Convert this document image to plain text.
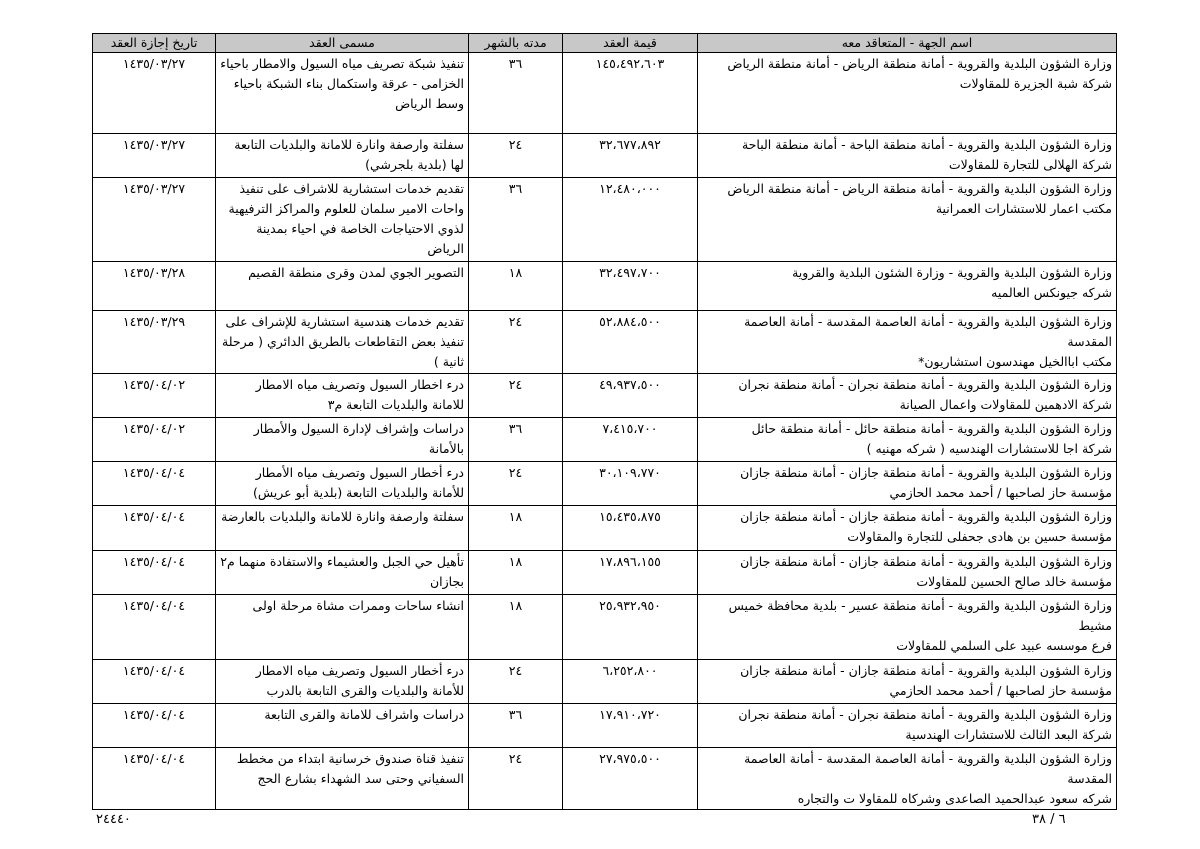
اسم الجهة - المتعاقد معه	قيمة العقد	مدته بالشهر	مسمى العقد	تاريخ إجازة العقد

وزارة الشؤون البلدية والقروية - أمانة منطقة الرياض - أمانة منطقة الرياض
شركة شبة الجزيرة للمقاولات	١٤٥،٤٩٢،٦٠٣	٣٦	تنفيذ شبكة تصريف مياه السيول والامطار باحياء الخزامى - عرقة واستكمال بناء الشبكة باحياء وسط الرياض	١٤٣٥/٠٣/٢٧

وزارة الشؤون البلدية والقروية - أمانة منطقة الباحة - أمانة منطقة الباحة
شركة الهلالى للتجارة للمقاولات	٣٢،٦٧٧،٨٩٢	٢٤	سفلتة وارصفة وانارة للامانة والبلديات التابعة لها (بلدية بلجرشي)	١٤٣٥/٠٣/٢٧

وزارة الشؤون البلدية والقروية - أمانة منطقة الرياض - أمانة منطقة الرياض
مكتب اعمار للاستشارات العمرانية	١٢،٤٨٠،٠٠٠	٣٦	تقديم خدمات استشارية للاشراف على تنفيذ واحات الامير سلمان للعلوم والمراكز الترفيهية لذوي الاحتياجات الخاصة في احياء بمدينة الرياض	١٤٣٥/٠٣/٢٧

وزارة الشؤون البلدية والقروية - وزارة الشئون البلدية والقروية
شركه جيونكس العالميه	٣٢،٤٩٧،٧٠٠	١٨	التصوير الجوي لمدن وقرى منطقة القصيم	١٤٣٥/٠٣/٢٨

وزارة الشؤون البلدية والقروية - أمانة العاصمة المقدسة - أمانة العاصمة المقدسة
مكتب اباالخيل مهندسون استشاريون*	٥٢،٨٨٤،٥٠٠	٢٤	تقديم خدمات هندسية استشارية للإشراف على تنفيذ بعض التقاطعات بالطريق الدائري ( مرحلة ثانية )	١٤٣٥/٠٣/٢٩

وزارة الشؤون البلدية والقروية - أمانة منطقة نجران - أمانة منطقة نجران
شركة الادهمين للمقاولات واعمال الصيانة	٤٩،٩٣٧،٥٠٠	٢٤	درء اخطار السيول وتصريف مياه الامطار للامانة والبلديات التابعة م٣	١٤٣٥/٠٤/٠٢

وزارة الشؤون البلدية والقروية - أمانة منطقة حائل - أمانة منطقة حائل
شركة اجا للاستشارات الهندسيه ( شركه مهنيه )	٧،٤١٥،٧٠٠	٣٦	دراسات وإشراف لإدارة السيول والأمطار بالأمانة	١٤٣٥/٠٤/٠٢

وزارة الشؤون البلدية والقروية - أمانة منطقة جازان - أمانة منطقة جازان
مؤسسة حاز لصاحبها / أحمد محمد الحازمي	٣٠،١٠٩،٧٧٠	٢٤	درء أخطار السيول وتصريف مياه الأمطار للأمانة والبلديات التابعة (بلدية أبو عريش)	١٤٣٥/٠٤/٠٤

وزارة الشؤون البلدية والقروية - أمانة منطقة جازان - أمانة منطقة جازان
مؤسسة حسين بن هادى جحفلى للتجارة والمقاولات	١٥،٤٣٥،٨٧٥	١٨	سفلتة وارصفة وانارة للامانة والبلديات بالعارضة	١٤٣٥/٠٤/٠٤

وزارة الشؤون البلدية والقروية - أمانة منطقة جازان - أمانة منطقة جازان
مؤسسة خالد صالح الحسين للمقاولات	١٧،٨٩٦،١٥٥	١٨	تأهيل حي الجبل والعشيماء والاستفادة منهما م٢ بجازان	١٤٣٥/٠٤/٠٤

وزارة الشؤون البلدية والقروية - أمانة منطقة عسير - بلدية محافظة خميس مشيط
فرع موسسه عبيد على السلمي للمقاولات	٢٥،٩٣٢،٩٥٠	١٨	انشاء ساحات وممرات مشاة مرحلة اولى	١٤٣٥/٠٤/٠٤

وزارة الشؤون البلدية والقروية - أمانة منطقة جازان - أمانة منطقة جازان
مؤسسة حاز لصاحبها / أحمد محمد الحازمي	٦،٢٥٢،٨٠٠	٢٤	درء أخطار السيول وتصريف مياه الامطار للأمانة والبلديات والقرى التابعة بالدرب	١٤٣٥/٠٤/٠٤

وزارة الشؤون البلدية والقروية - أمانة منطقة نجران - أمانة منطقة نجران
شركة البعد الثالث للاستشارات الهندسية	١٧،٩١٠،٧٢٠	٣٦	دراسات واشراف للامانة والقرى التابعة	١٤٣٥/٠٤/٠٤

وزارة الشؤون البلدية والقروية - أمانة العاصمة المقدسة - أمانة العاصمة المقدسة
شركه سعود عبدالحميد الصاعدى وشركاه للمقاولا ت والتجاره	٢٧،٩٧٥،٥٠٠	٢٤	تنفيذ قناة صندوق خرسانية ابتداء من مخطط السفياني وحتى سد الشهداء بشارع الحج	١٤٣٥/٠٤/٠٤
٢٤٤٤٠	٦ / ٣٨
